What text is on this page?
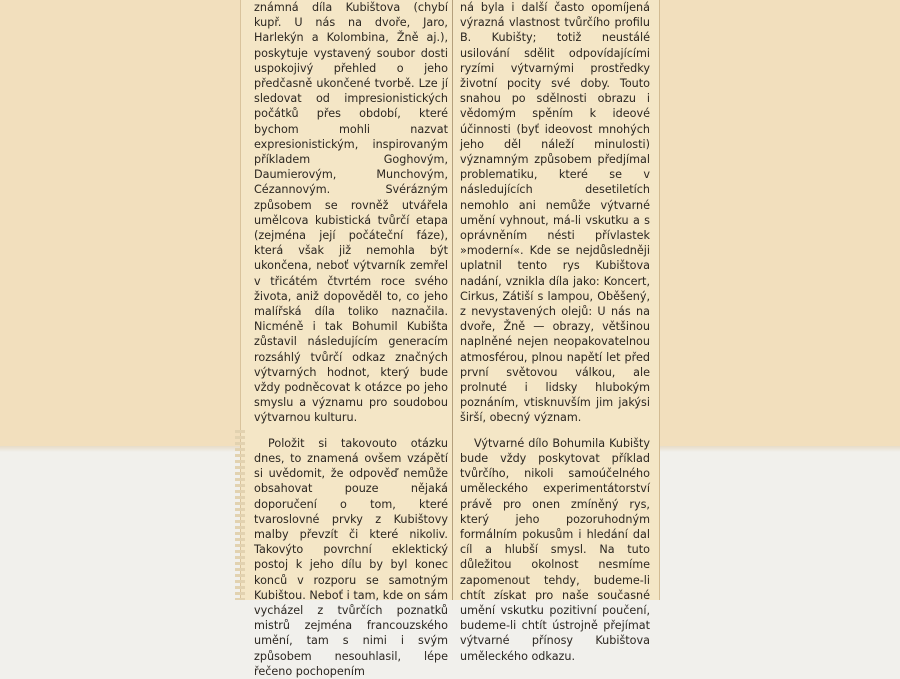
známná díla Kubištova (chybí kupř. U nás na dvoře, Jaro, Harlekýn a Kolombina, Žně aj.), poskytuje vystavený soubor dosti uspokojivý přehled o jeho předčasně ukončené tvorbě. Lze jí sledovat od impresionistických počátků přes období, které bychom mohli nazvat expresionistickým, inspirovaným příkladem Goghovým, Daumierovým, Munchovým, Cézannovým. Svérázným způsobem se rovněž utvářela umělcova kubistická tvůrčí etapa (zejména její počáteční fáze), která však již nemohla být ukončena, neboť výtvarník zemřel v třicátém čtvrtém roce svého života, aniž dopověděl to, co jeho malířská díla toliko naznačila. Nicméně i tak Bohumil Kubišta zůstavil následujícím generacím rozsáhlý tvůrčí odkaz značných výtvarných hodnot, který bude vždy podněcovat k otázce po jeho smyslu a významu pro soudobou výtvarnou kulturu.

Položit si takovouto otázku dnes, to znamená ovšem vzápětí si uvědomit, že odpověď nemůže obsahovat pouze nějaká doporučení o tom, které tvaroslovné prvky z Kubištovy malby převzít či které nikoliv. Takovýto povrchní eklektický postoj k jeho dílu by byl konec konců v rozporu se samotným Kubištou. Neboť i tam, kde on sám vycházel z tvůrčích poznatků mistrů zejména francouzského umění, tam s nimi i svým způsobem nesouhlasil, lépe řečeno pochopením

ná byla i další často opomíjená výrazná vlastnost tvůrčího profilu B. Kubišty; totiž neustálé usilování sdělit odpovídajícími ryzími výtvarnými prostředky životní pocity své doby. Touto snahou po sdělnosti obrazu i vědomým spěním k ideové účinnosti (byť ideovost mnohých jeho děl náleží minulosti) významným způsobem předjímal problematiku, které se v následujících desetiletích nemohlo ani nemůže výtvarné umění vyhnout, má-li vskutku a s oprávněním nésti přívlastek »moderní«. Kde se nejdůsledněji uplatnil tento rys Kubištova nadání, vznikla díla jako: Koncert, Cirkus, Zátiší s lampou, Oběšený, z nevystavených olejů: U nás na dvoře, Žně — obrazy, většinou naplněné nejen neopakovatelnou atmosférou, plnou napětí let před první světovou válkou, ale prolnuté i lidsky hlubokým poznáním, vtisknuvším jim jakýsi širší, obecný význam.

Výtvarné dílo Bohumila Kubišty bude vždy poskytovat příklad tvůrčího, nikoli samoúčelného uměleckého experimentátorství právě pro onen zmíněný rys, který jeho pozoruhodným formálním pokusům i hledání dal cíl a hlubší smysl. Na tuto důležitou okolnost nesmíme zapomenout tehdy, budeme-li chtít získat pro naše současné umění vskutku pozitivní poučení, budeme-li chtít ústrojně přejímat výtvarné přínosy Kubištova uměleckého odkazu.
